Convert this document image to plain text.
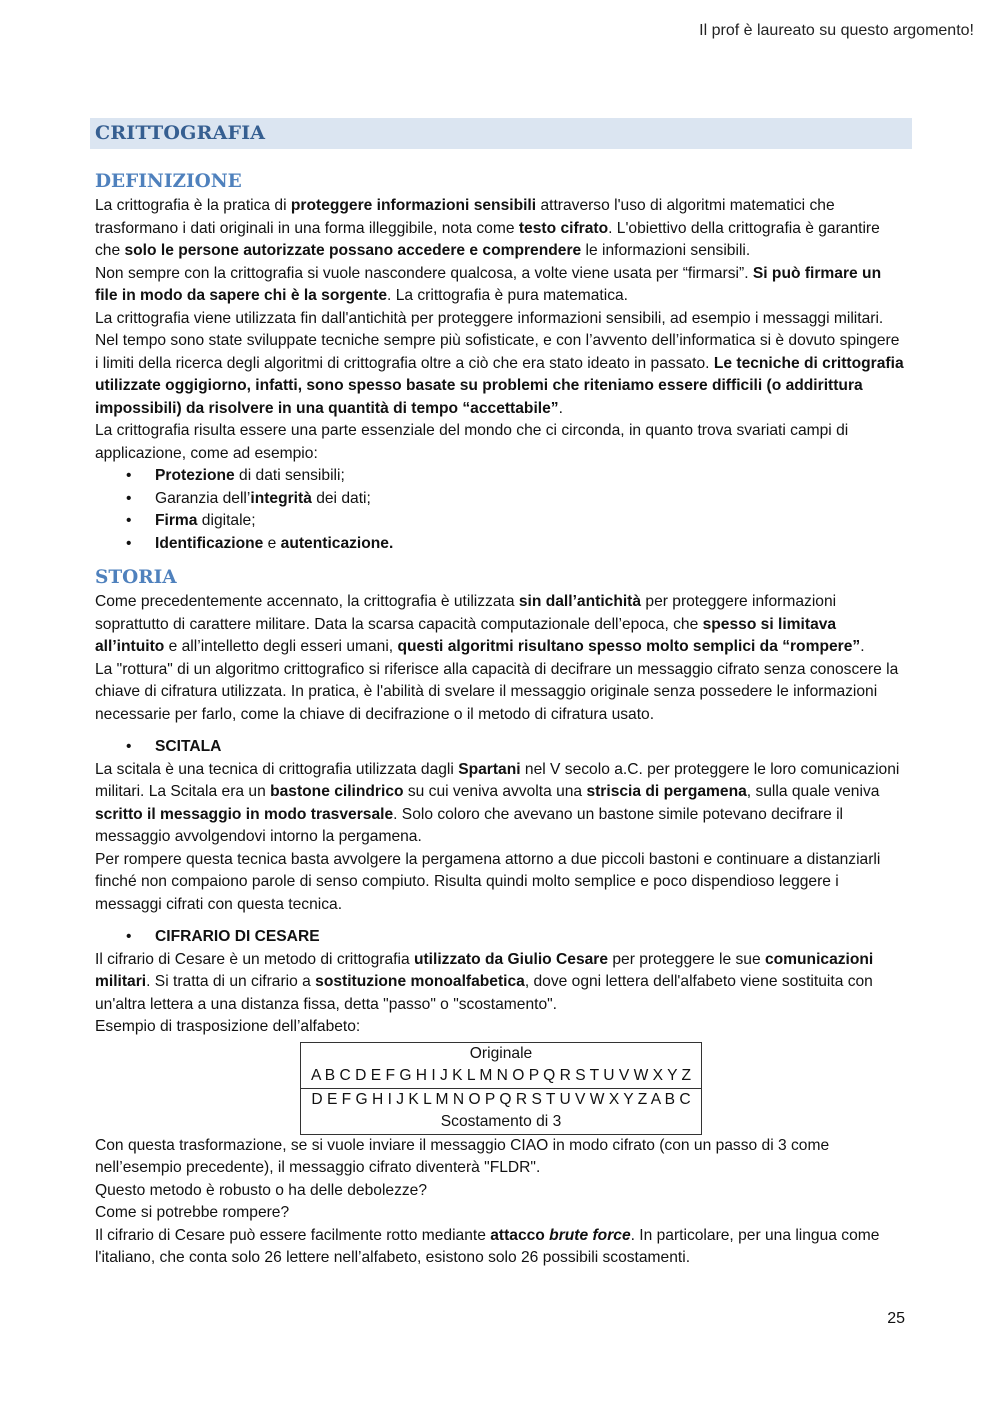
Il prof è laureato su questo argomento!
CRITTOGRAFIA
DEFINIZIONE

La crittografia è la pratica di proteggere informazioni sensibili attraverso l'uso di algoritmi matematici che trasformano i dati originali in una forma illeggibile, nota come testo cifrato. L'obiettivo della crittografia è garantire che solo le persone autorizzate possano accedere e comprendere le informazioni sensibili.

Non sempre con la crittografia si vuole nascondere qualcosa, a volte viene usata per “firmarsi”. Si può firmare un file in modo da sapere chi è la sorgente. La crittografia è pura matematica.

La crittografia viene utilizzata fin dall'antichità per proteggere informazioni sensibili, ad esempio i messaggi militari. Nel tempo sono state sviluppate tecniche sempre più sofisticate, e con l’avvento dell’informatica si è dovuto spingere i limiti della ricerca degli algoritmi di crittografia oltre a ciò che era stato ideato in passato. Le tecniche di crittografia utilizzate oggigiorno, infatti, sono spesso basate su problemi che riteniamo essere difficili (o addirittura impossibili) da risolvere in una quantità di tempo “accettabile”.

La crittografia risulta essere una parte essenziale del mondo che ci circonda, in quanto trova svariati campi di applicazione, come ad esempio:

• Protezione di dati sensibili;
• Garanzia dell’integrità dei dati;
• Firma digitale;
• Identificazione e autenticazione.
STORIA

Come precedentemente accennato, la crittografia è utilizzata sin dall’antichità per proteggere informazioni soprattutto di carattere militare. Data la scarsa capacità computazionale dell’epoca, che spesso si limitava all’intuito e all’intelletto degli esseri umani, questi algoritmi risultano spesso molto semplici da “rompere”.

La "rottura" di un algoritmo crittografico si riferisce alla capacità di decifrare un messaggio cifrato senza conoscere la chiave di cifratura utilizzata. In pratica, è l'abilità di svelare il messaggio originale senza possedere le informazioni necessarie per farlo, come la chiave di decifrazione o il metodo di cifratura usato.

• SCITALA

La scitala è una tecnica di crittografia utilizzata dagli Spartani nel V secolo a.C. per proteggere le loro comunicazioni militari. La Scitala era un bastone cilindrico su cui veniva avvolta una striscia di pergamena, sulla quale veniva scritto il messaggio in modo trasversale. Solo coloro che avevano un bastone simile potevano decifrare il messaggio avvolgendovi intorno la pergamena.

Per rompere questa tecnica basta avvolgere la pergamena attorno a due piccoli bastoni e continuare a distanziarli finché non compaiono parole di senso compiuto. Risulta quindi molto semplice e poco dispendioso leggere i messaggi cifrati con questa tecnica.

• CIFRARIO DI CESARE

Il cifrario di Cesare è un metodo di crittografia utilizzato da Giulio Cesare per proteggere le sue comunicazioni militari. Si tratta di un cifrario a sostituzione monoalfabetica, dove ogni lettera dell'alfabeto viene sostituita con un'altra lettera a una distanza fissa, detta "passo" o "scostamento".

Esempio di trasposizione dell’alfabeto:

Originale
A B C D E F G H I J K L M N O P Q R S T U V W X Y Z
D E F G H I J K L M N O P Q R S T U V W X Y Z A B C
Scostamento di 3

Con questa trasformazione, se si vuole inviare il messaggio CIAO in modo cifrato (con un passo di 3 come nell’esempio precedente), il messaggio cifrato diventerà "FLDR".

Questo metodo è robusto o ha delle debolezze?

Come si potrebbe rompere?

Il cifrario di Cesare può essere facilmente rotto mediante attacco brute force. In particolare, per una lingua come l'italiano, che conta solo 26 lettere nell’alfabeto, esistono solo 26 possibili scostamenti.

25
